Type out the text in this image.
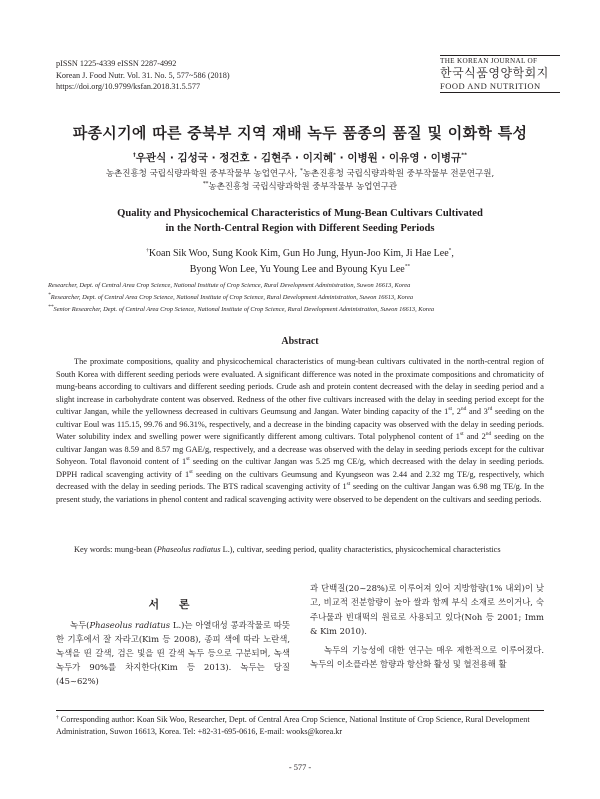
pISSN 1225-4339 eISSN 2287-4992
Korean J. Food Nutr. Vol. 31. No. 5, 577~586 (2018)
https://doi.org/10.9799/ksfan.2018.31.5.577
THE KOREAN JOURNAL OF
한국식품영양학회지
FOOD AND NUTRITION
파종시기에 따른 중북부 지역 재배 녹두 품종의 품질 및 이화학 특성
†우관식 · 김성국 · 정건호 · 김현주 · 이지혜* · 이병원 · 이유영 · 이병규**
농촌진흥청 국립식량과학원 중부작물부 농업연구사, *농촌진흥청 국립식량과학원 중부작물부 전문연구원,
**농촌진흥청 국립식량과학원 중부작물부 농업연구관
Quality and Physicochemical Characteristics of Mung-Bean Cultivars Cultivated
in the North-Central Region with Different Seeding Periods
†Koan Sik Woo, Sung Kook Kim, Gun Ho Jung, Hyun-Joo Kim, Ji Hae Lee*,
Byong Won Lee, Yu Young Lee and Byoung Kyu Lee**
Researcher, Dept. of Central Area Crop Science, National Institute of Crop Science, Rural Development Administration, Suwon 16613, Korea
*Researcher, Dept. of Central Area Crop Science, National Institute of Crop Science, Rural Development Administration, Suwon 16613, Korea
**Senior Researcher, Dept. of Central Area Crop Science, National Institute of Crop Science, Rural Development Administration, Suwon 16613, Korea
Abstract
The proximate compositions, quality and physicochemical characteristics of mung-bean cultivars cultivated in the north-central region of South Korea with different seeding periods were evaluated. A significant difference was noted in the proximate compositions and chromaticity of mung-beans according to cultivars and different seeding periods. Crude ash and protein content decreased with the delay in seeding period and a slight increase in carbohydrate content was observed. Redness of the other five cultivars increased with the delay in seeding period except for the cultivar Jangan, while the yellowness decreased in cultivars Geumsung and Jangan. Water binding capacity of the 1st, 2nd and 3rd seeding on the cultivar Eoul was 115.15, 99.76 and 96.31%, respectively, and a decrease in the binding capacity was observed with the delay in seeding periods. Water solubility index and swelling power were significantly different among cultivars. Total polyphenol content of 1st and 2nd seeding on the cultivar Jangan was 8.59 and 8.57 mg GAE/g, respectively, and a decrease was observed with the delay in seeding periods except for the cultivar Sohyeon. Total flavonoid content of 1st seeding on the cultivar Jangan was 5.25 mg CE/g, which decreased with the delay in seeding periods. DPPH radical scavenging activity of 1st seeding on the cultivars Geumsung and Kyungseon was 2.44 and 2.32 mg TE/g, respectively, which decreased with the delay in seeding periods. The BTS radical scavenging activity of 1st seeding on the cultivar Jangan was 6.98 mg TE/g. In the present study, the variations in phenol content and radical scavenging activity were observed to be dependent on the cultivars and seeding periods.
Key words: mung-bean (Phaseolus radiatus L.), cultivar, seeding period, quality characteristics, physicochemical characteristics
서 론

녹두(Phaseolus radiatus L.)는 아열대성 콩과작물로 따뜻한 기후에서 잘 자라고(Kim 등 2008), 종피 색에 따라 노란색, 녹색을 띤 갈색, 검은 빛을 띤 갈색 녹두 등으로 구분되며, 녹색 녹두가 90%를 차지한다(Kim 등 2013). 녹두는 당질(45~62%)

과 단백질(20~28%)로 이루어져 있어 지방함량(1% 내외)이 낮고, 비교적 전분함량이 높아 쌀과 함께 부식 소재로 쓰이거나, 숙주나물과 빈대떡의 원료로 사용되고 있다(Noh 등 2001; Imm & Kim 2010).

녹두의 기능성에 대한 연구는 매우 제한적으로 이루어졌다. 녹두의 이소플라본 함량과 항산화 활성 및 혈전용해 활

† Corresponding author: Koan Sik Woo, Researcher, Dept. of Central Area Crop Science, National Institute of Crop Science, Rural Development Administration, Suwon 16613, Korea. Tel: +82-31-695-0616, E-mail: wooks@korea.kr
- 577 -
